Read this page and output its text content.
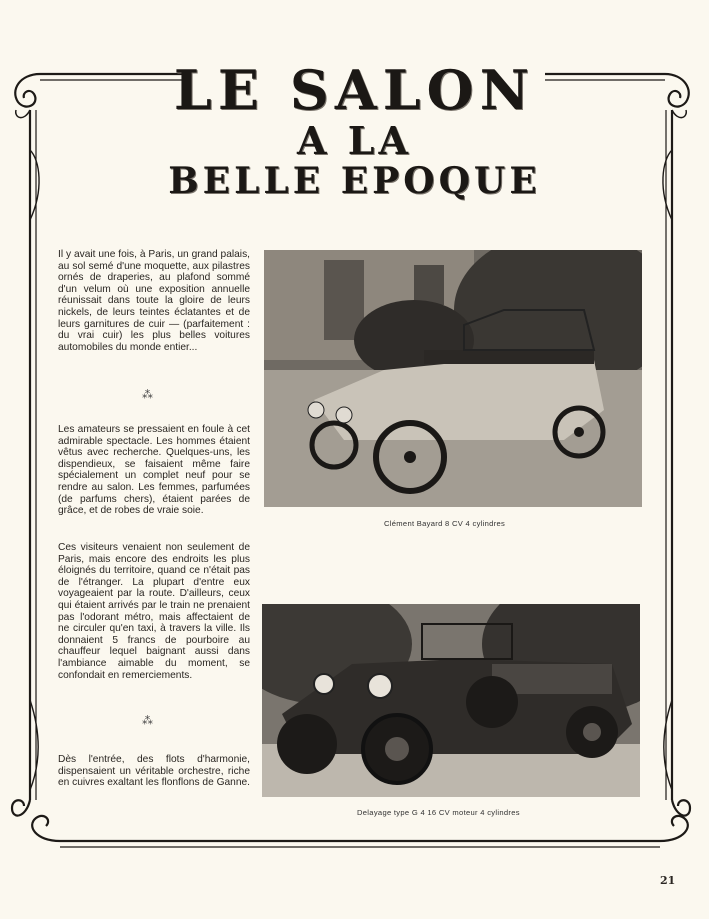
LE SALON
A LA
BELLE EPOQUE
Il y avait une fois, à Paris, un grand palais, au sol semé d'une moquette, aux pilastres ornés de draperies, au plafond sommé d'un velum où une exposition annuelle réunissait dans toute la gloire de leurs nickels, de leurs teintes éclatantes et de leurs garnitures de cuir — (parfaitement : du vrai cuir) les plus belles voitures automobiles du monde entier...
⁂
Les amateurs se pressaient en foule à cet admirable spectacle. Les hommes étaient vêtus avec recherche. Quelques-uns, les dispendieux, se faisaient même faire spécialement un complet neuf pour se rendre au salon. Les femmes, parfumées (de parfums chers), étaient parées de grâce, et de robes de vraie soie.
Ces visiteurs venaient non seulement de Paris, mais encore des endroits les plus éloignés du territoire, quand ce n'était pas de l'étranger. La plupart d'entre eux voyageaient par la route. D'ailleurs, ceux qui étaient arrivés par le train ne prenaient pas l'odorant métro, mais affectaient de ne circuler qu'en taxi, à travers la ville. Ils donnaient 5 francs de pourboire au chauffeur lequel baignant aussi dans l'ambiance aimable du moment, se confondait en remerciements.
⁂
Dès l'entrée, des flots d'harmonie, dispensaient un véritable orchestre, riche en cuivres exaltant les flonflons de Ganne.
Clément Bayard 8 CV 4 cylindres
Delayage type G 4 16 CV moteur 4 cylindres
21
